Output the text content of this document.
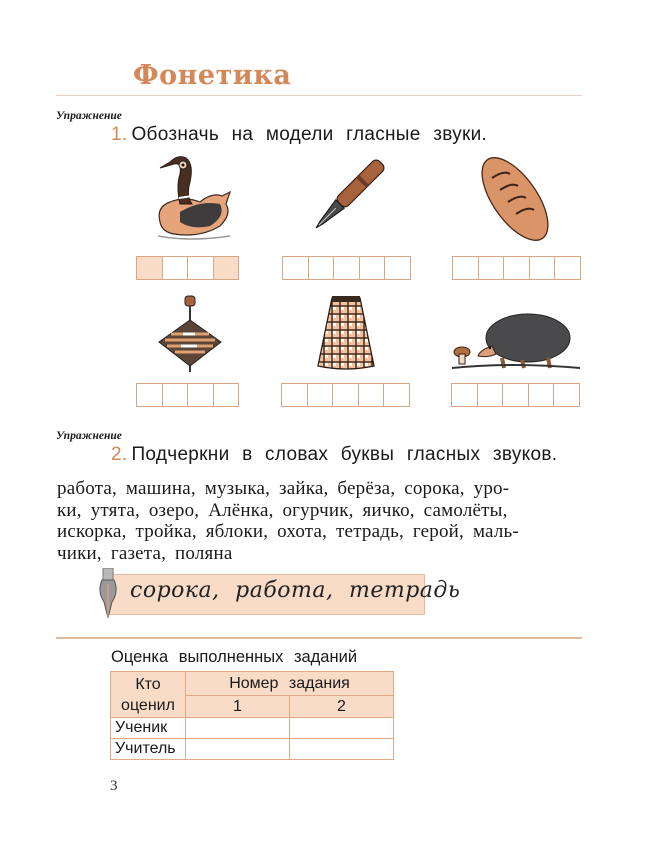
Фонетика
Упражнение
1. Обозначь на модели гласные звуки.
Упражнение
2. Подчеркни в словах буквы гласных звуков.
работа, машина, музыка, зайка, берёза, сорока, уро-
ки, утята, озеро, Алёнка, огурчик, яичко, самолёты,
искорка, тройка, яблоки, охота, тетрадь, герой, маль-
чики, газета, поляна
сорока, работа, тетрадь
Оценка выполненных заданий
Кто
оценил	Номер задания	
	1	2
Ученик		
Учитель		
3
